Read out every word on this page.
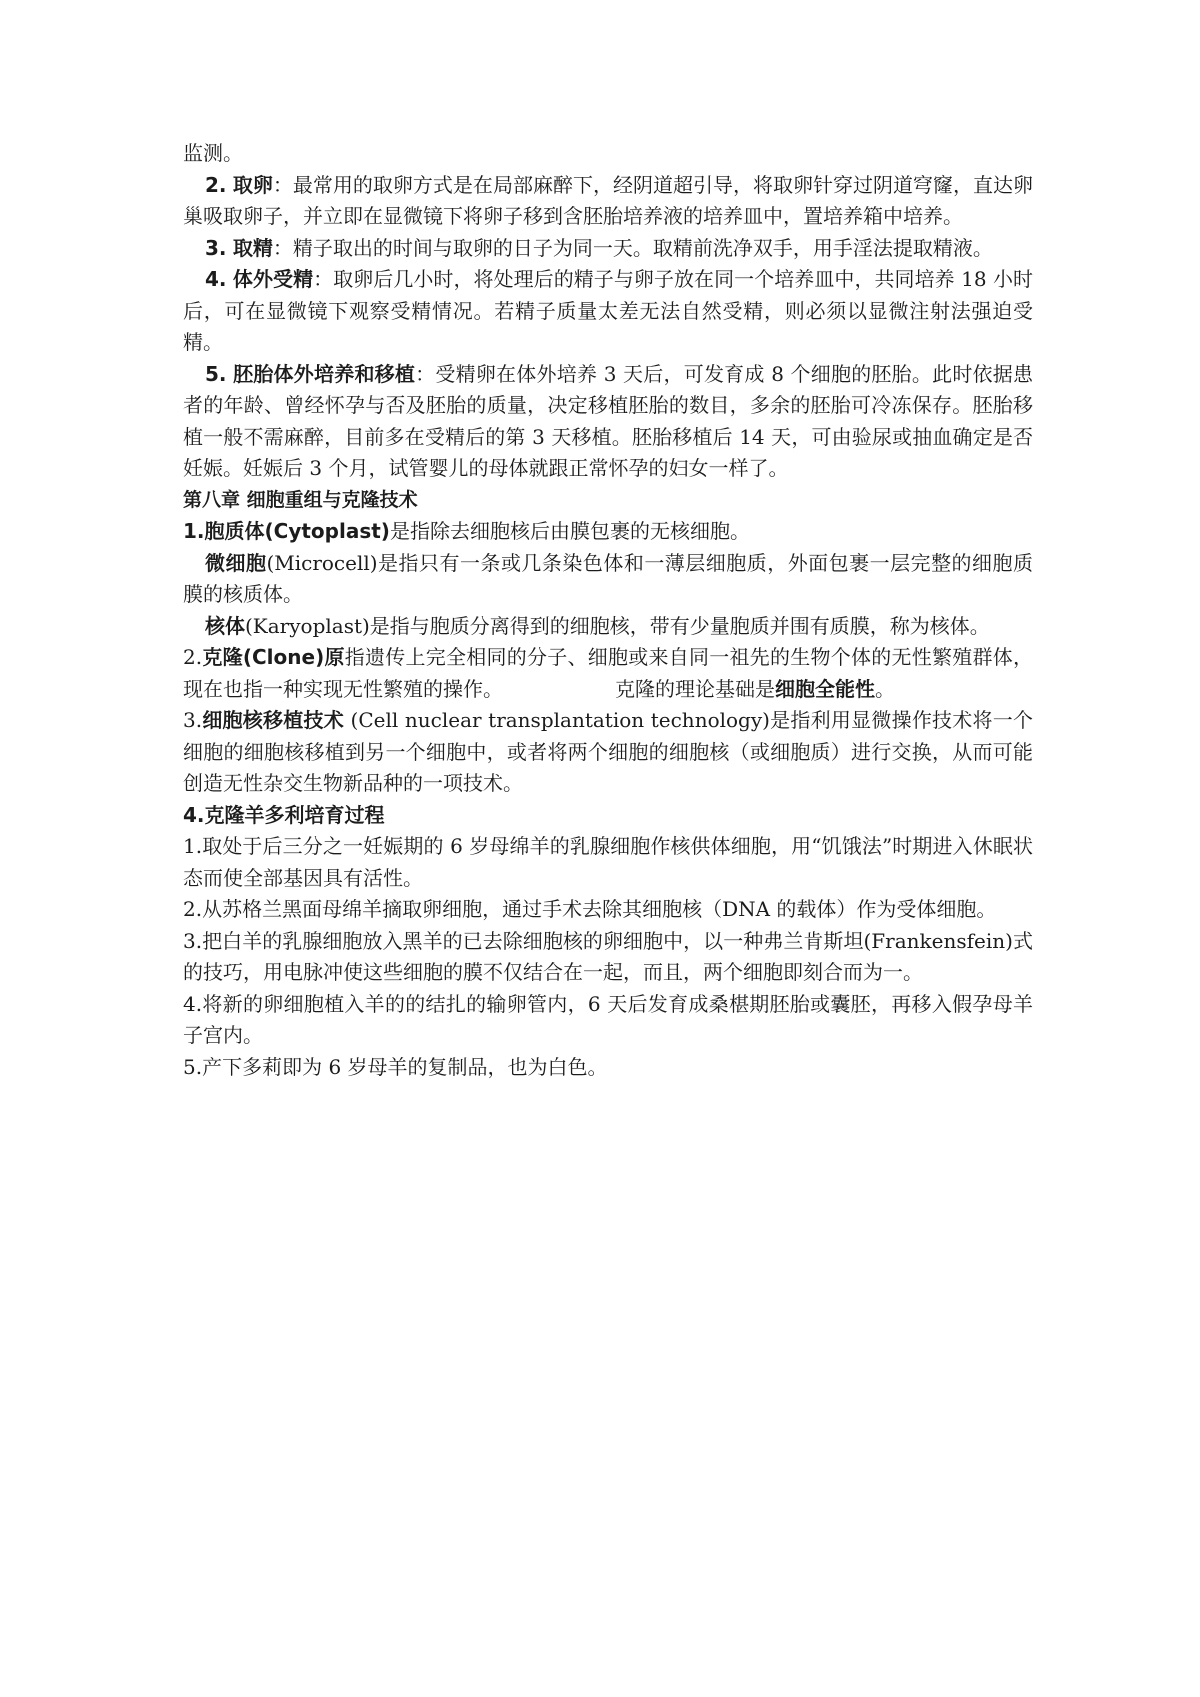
监测。

2. 取卵：最常用的取卵方式是在局部麻醉下，经阴道超引导，将取卵针穿过阴道穹窿，直达卵巢吸取卵子，并立即在显微镜下将卵子移到含胚胎培养液的培养皿中，置培养箱中培养。

3. 取精：精子取出的时间与取卵的日子为同一天。取精前洗净双手，用手淫法提取精液。

4. 体外受精：取卵后几小时，将处理后的精子与卵子放在同一个培养皿中，共同培养 18 小时后，可在显微镜下观察受精情况。若精子质量太差无法自然受精，则必须以显微注射法强迫受精。

5. 胚胎体外培养和移植：受精卵在体外培养 3 天后，可发育成 8 个细胞的胚胎。此时依据患者的年龄、曾经怀孕与否及胚胎的质量，决定移植胚胎的数目，多余的胚胎可冷冻保存。胚胎移植一般不需麻醉，目前多在受精后的第 3 天移植。胚胎移植后 14 天，可由验尿或抽血确定是否妊娠。妊娠后 3 个月，试管婴儿的母体就跟正常怀孕的妇女一样了。

第八章 细胞重组与克隆技术

1.胞质体(Cytoplast)是指除去细胞核后由膜包裹的无核细胞。

微细胞(Microcell)是指只有一条或几条染色体和一薄层细胞质，外面包裹一层完整的细胞质膜的核质体。

核体(Karyoplast)是指与胞质分离得到的细胞核，带有少量胞质并围有质膜，称为核体。

2.克隆(Clone)原指遗传上完全相同的分子、细胞或来自同一祖先的生物个体的无性繁殖群体，现在也指一种实现无性繁殖的操作。	克隆的理论基础是细胞全能性。

3.细胞核移植技术 (Cell nuclear transplantation technology)是指利用显微操作技术将一个细胞的细胞核移植到另一个细胞中，或者将两个细胞的细胞核（或细胞质）进行交换，从而可能创造无性杂交生物新品种的一项技术。

4.克隆羊多利培育过程

1.取处于后三分之一妊娠期的 6 岁母绵羊的乳腺细胞作核供体细胞，用“饥饿法”时期进入休眠状态而使全部基因具有活性。

2.从苏格兰黑面母绵羊摘取卵细胞，通过手术去除其细胞核（DNA 的载体）作为受体细胞。

3.把白羊的乳腺细胞放入黑羊的已去除细胞核的卵细胞中，以一种弗兰肯斯坦(Frankensfein)式的技巧，用电脉冲使这些细胞的膜不仅结合在一起，而且，两个细胞即刻合而为一。

4.将新的卵细胞植入羊的的结扎的输卵管内，6 天后发育成桑椹期胚胎或囊胚，再移入假孕母羊子宫内。

5.产下多莉即为 6 岁母羊的复制品，也为白色。
